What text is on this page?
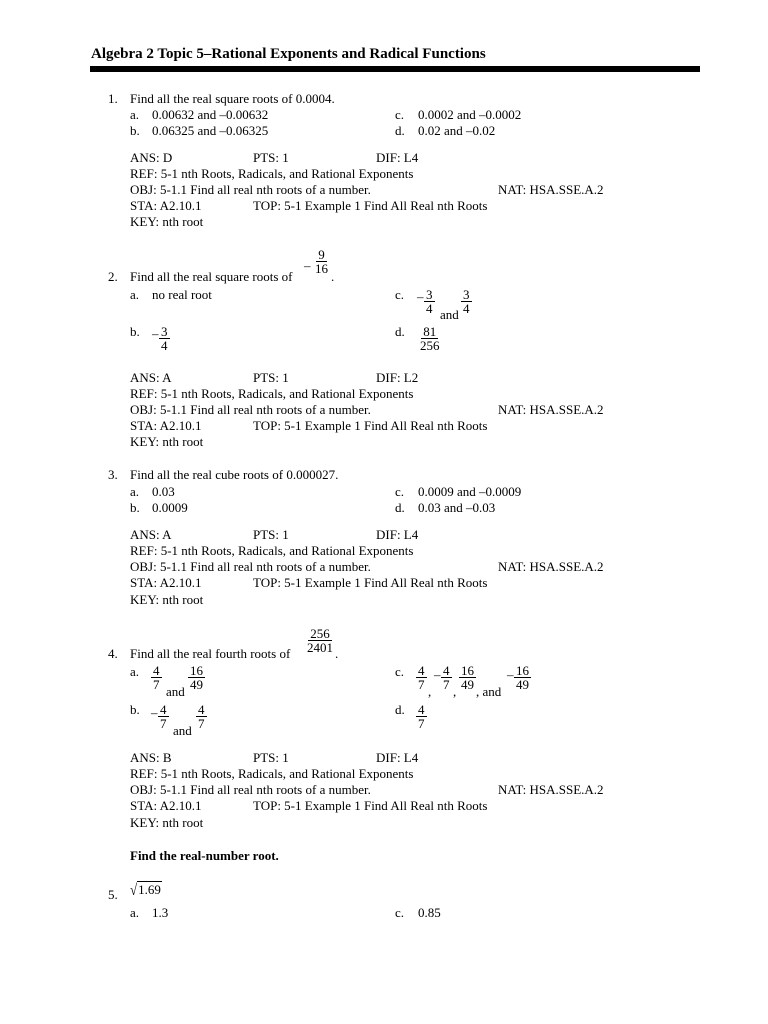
Algebra 2 Topic 5–Rational Exponents and Radical Functions
1. Find all the real square roots of 0.0004.
a. 0.00632 and –0.00632
b. 0.06325 and –0.06325
c. 0.0002 and –0.0002
d. 0.02 and –0.02
ANS: D	PTS: 1	DIF: L4
REF: 5-1 nth Roots, Radicals, and Rational Exponents
OBJ: 5-1.1 Find all real nth roots of a number.	NAT: HSA.SSE.A.2
STA: A2.10.1	TOP: 5-1 Example 1 Find All Real nth Roots
KEY: nth root
– $\frac{9}{16}$
2. Find all the real square roots of	.
a. no real root	c. – $\frac{3}{4}$ and $\frac{3}{4}$
b. – $\frac{3}{4}$	d. $\frac{81}{256}$
ANS: A	PTS: 1	DIF: L2
REF: 5-1 nth Roots, Radicals, and Rational Exponents
OBJ: 5-1.1 Find all real nth roots of a number.	NAT: HSA.SSE.A.2
STA: A2.10.1	TOP: 5-1 Example 1 Find All Real nth Roots
KEY: nth root
3. Find all the real cube roots of 0.000027.
a. 0.03
b. 0.0009
c. 0.0009 and –0.0009
d. 0.03 and –0.03
ANS: A	PTS: 1	DIF: L4
REF: 5-1 nth Roots, Radicals, and Rational Exponents
OBJ: 5-1.1 Find all real nth roots of a number.	NAT: HSA.SSE.A.2
STA: A2.10.1	TOP: 5-1 Example 1 Find All Real nth Roots
KEY: nth root
$\frac{256}{2401}$
4. Find all the real fourth roots of	.
a. $\frac{4}{7}$
and
$\frac{16}{49}$	c. $\frac{4}{7}$
,
– $\frac{4}{7}$
,
$\frac{16}{49}$
, and
– $\frac{16}{49}$
b. – $\frac{4}{7}$
and
$\frac{4}{7}$	d. $\frac{4}{7}$
ANS: B	PTS: 1	DIF: L4
REF: 5-1 nth Roots, Radicals, and Rational Exponents
OBJ: 5-1.1 Find all real nth roots of a number.	NAT: HSA.SSE.A.2
STA: A2.10.1	TOP: 5-1 Example 1 Find All Real nth Roots
KEY: nth root
Find the real-number root.
5. √1.69
a. 1.3	c. 0.85
